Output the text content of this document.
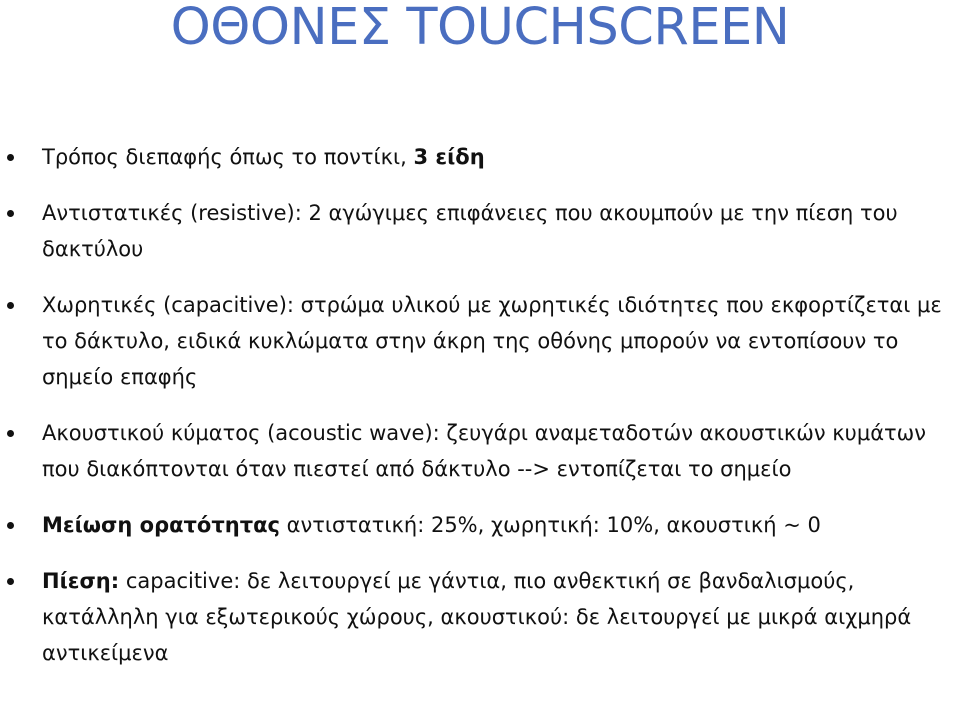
ΟΘΟΝΕΣ TOUCHSCREEN
Τρόπος διεπαφής όπως το ποντίκι, 3 είδη
Αντιστατικές (resistive): 2 αγώγιμες επιφάνειες που ακουμπούν με την πίεση του δακτύλου
Χωρητικές (capacitive): στρώμα υλικού με χωρητικές ιδιότητες που εκφορτίζεται με το δάκτυλο, ειδικά κυκλώματα στην άκρη της οθόνης μπορούν να εντοπίσουν το σημείο επαφής
Ακουστικού κύματος (acoustic wave): ζευγάρι αναμεταδοτών ακουστικών κυμάτων που διακόπτονται όταν πιεστεί από δάκτυλο --> εντοπίζεται το σημείο
Μείωση ορατότητας αντιστατική: 25%, χωρητική: 10%, ακουστική ~ 0
Πίεση: capacitive: δε λειτουργεί με γάντια, πιο ανθεκτική σε βανδαλισμούς, κατάλληλη για εξωτερικούς χώρους, ακουστικού: δε λειτουργεί με μικρά αιχμηρά αντικείμενα
